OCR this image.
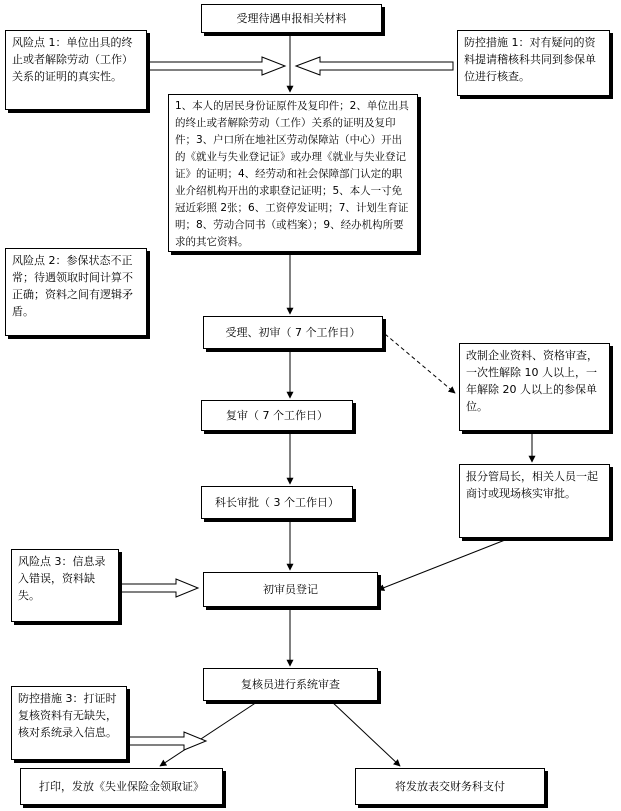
受理待遇申报相关材料
风险点 1：单位出具的终止或者解除劳动（工作）关系的证明的真实性。
防控措施 1：对有疑问的资料提请稽核科共同到参保单位进行核查。
1、本人的居民身份证原件及复印件；2、单位出具的终止或者解除劳动（工作）关系的证明及复印件；3、户口所在地社区劳动保障站（中心）开出的《就业与失业登记证》或办理《就业与失业登记证》的证明；4、经劳动和社会保障部门认定的职业介绍机构开出的求职登记证明；5、本人一寸免冠近彩照 2张；6、工资停发证明；7、计划生育证明；8、劳动合同书（或档案）；9、经办机构所要求的其它资料。
风险点 2：参保状态不正常；待遇领取时间计算不正确；资料之间有逻辑矛盾。
受理、初审（ 7 个工作日）
改制企业资料、资格审查，一次性解除 10 人以上，一年解除 20 人以上的参保单位。
复审（ 7 个工作日）
报分管局长，相关人员一起商讨或现场核实审批。
科长审批（ 3 个工作日）
风险点 3：信息录入错误，资料缺失。	初审员登记
复核员进行系统审查
防控措施 3：打证时复核资料有无缺失，核对系统录入信息。
打印，发放《失业保险金领取证》	将发放表交财务科支付
